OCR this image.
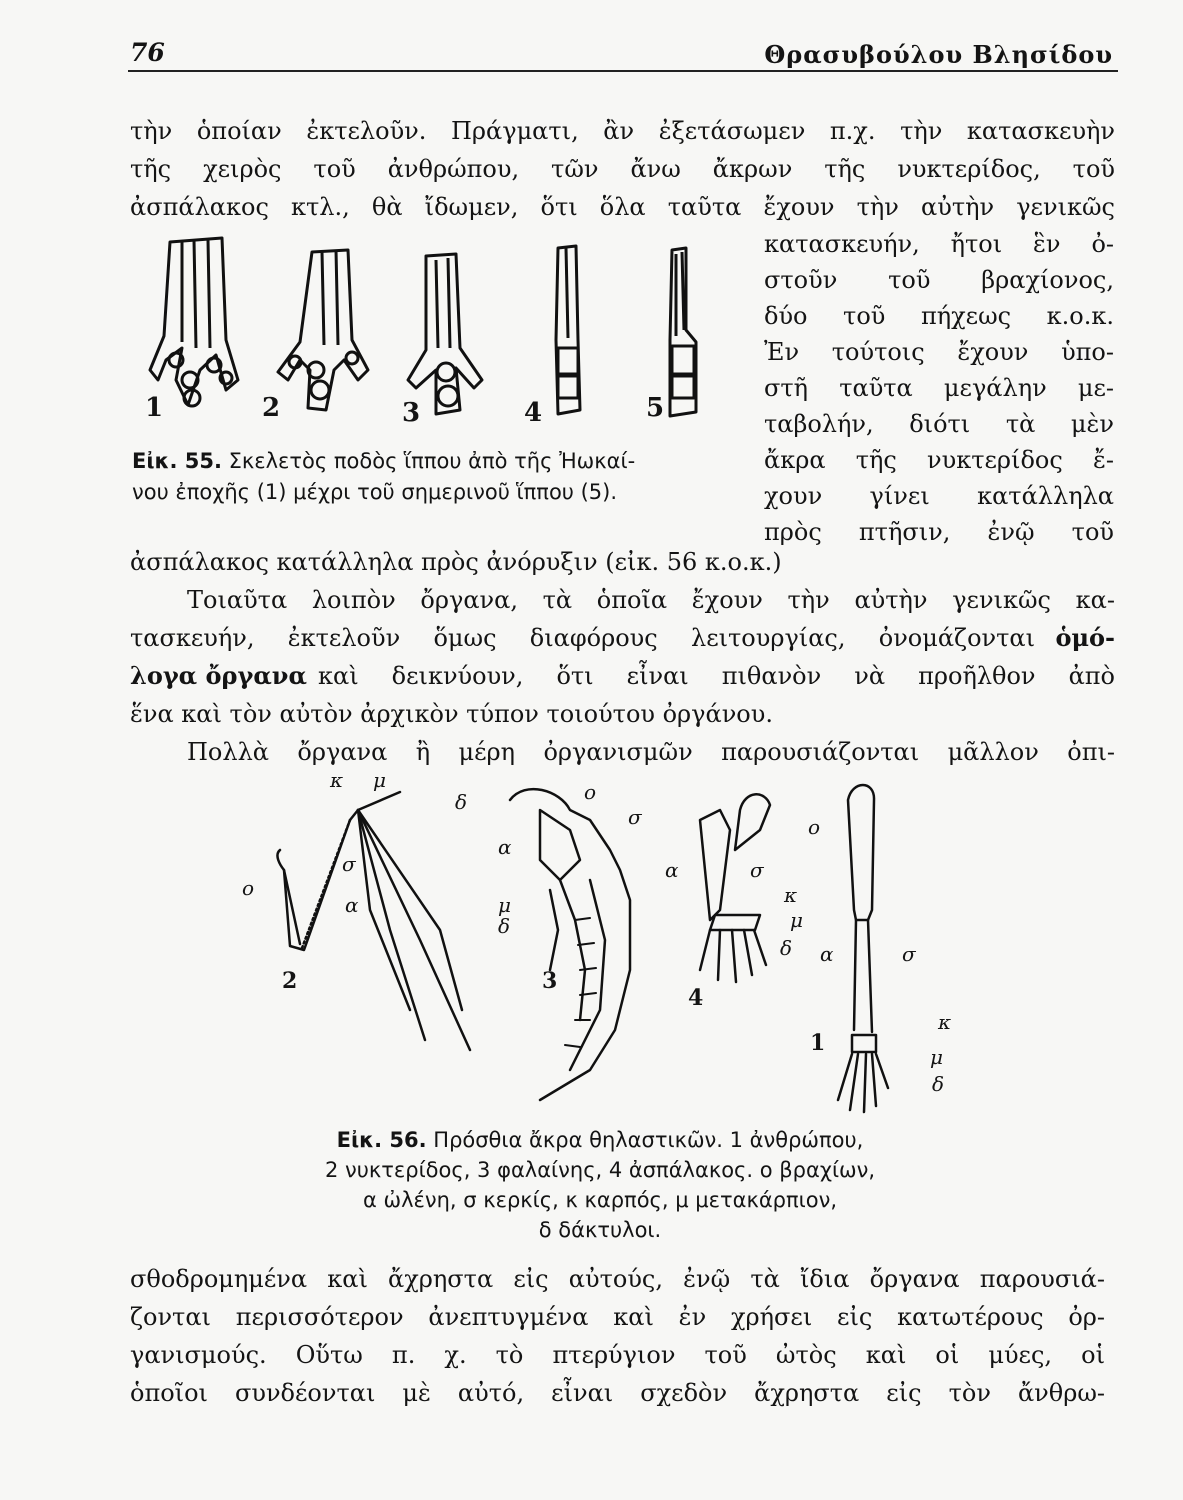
76	Θρασυβούλου Βλησίδου
τὴν ὁποίαν ἐκτελοῦν. Πράγματι, ἂν ἐξετάσωμεν π.χ. τὴν κατασκευὴν
τῆς χειρὸς τοῦ ἀνθρώπου, τῶν ἄνω ἄκρων τῆς νυκτερίδος, τοῦ
ἀσπάλακος κτλ., θὰ ἴδωμεν, ὅτι ὅλα ταῦτα ἔχουν τὴν αὐτὴν γενικῶς
κατασκευήν, ἤτοι ἓν ὀ-
στοῦν τοῦ βραχίονος,
δύο τοῦ πήχεως κ.ο.κ.
Ἐν τούτοις ἔχουν ὑπο-
στῆ ταῦτα μεγάλην με-
ταβολήν, διότι τὰ μὲν
ἄκρα τῆς νυκτερίδος ἔ-
χουν γίνει κατάλληλα
πρὸς πτῆσιν, ἐνῷ τοῦ
1	2	3	4	5
Εἰκ. 55. Σκελετὸς ποδὸς ἵππου ἀπὸ τῆς Ἠωκαί-
νου ἐποχῆς (1) μέχρι τοῦ σημερινοῦ ἵππου (5).
ἀσπάλακος κατάλληλα πρὸς ἀνόρυξιν (εἰκ. 56 κ.ο.κ.)
Τοιαῦτα λοιπὸν ὄργανα, τὰ ὁποῖα ἔχουν τὴν αὐτὴν γενικῶς κα-
τασκευήν, ἐκτελοῦν ὅμως διαφόρους λειτουργίας, ὀνομάζονται ὁμό-
λογα ὄργανα καὶ δεικνύουν, ὅτι εἶναι πιθανὸν νὰ προῆλθον ἀπὸ
ἕνα καὶ τὸν αὐτὸν ἀρχικὸν τύπον τοιούτου ὀργάνου.
Πολλὰ ὄργανα ἢ μέρη ὀργανισμῶν παρουσιάζονται μᾶλλον ὀπι-
κ μ
δ
σ
ο
α
2
ο
σ
α
μ
δ
3
ο
α	σ
κ
μ
δ
4
α	σ
κ
μ
δ
1
Εἰκ. 56. Πρόσθια ἄκρα θηλαστικῶν. 1 ἀνθρώπου,
2 νυκτερίδος, 3 φαλαίνης, 4 ἀσπάλακος. ο βραχίων,
α ὠλένη, σ κερκίς, κ καρπός, μ μετακάρπιον,
δ δάκτυλοι.
σθοδρομημένα καὶ ἄχρηστα εἰς αὐτούς, ἐνῷ τὰ ἴδια ὄργανα παρουσιά-
ζονται περισσότερον ἀνεπτυγμένα καὶ ἐν χρήσει εἰς κατωτέρους ὀρ-
γανισμούς. Οὕτω π. χ. τὸ πτερύγιον τοῦ ὠτὸς καὶ οἱ μύες, οἱ
ὁποῖοι συνδέονται μὲ αὐτό, εἶναι σχεδὸν ἄχρηστα εἰς τὸν ἄνθρω-
